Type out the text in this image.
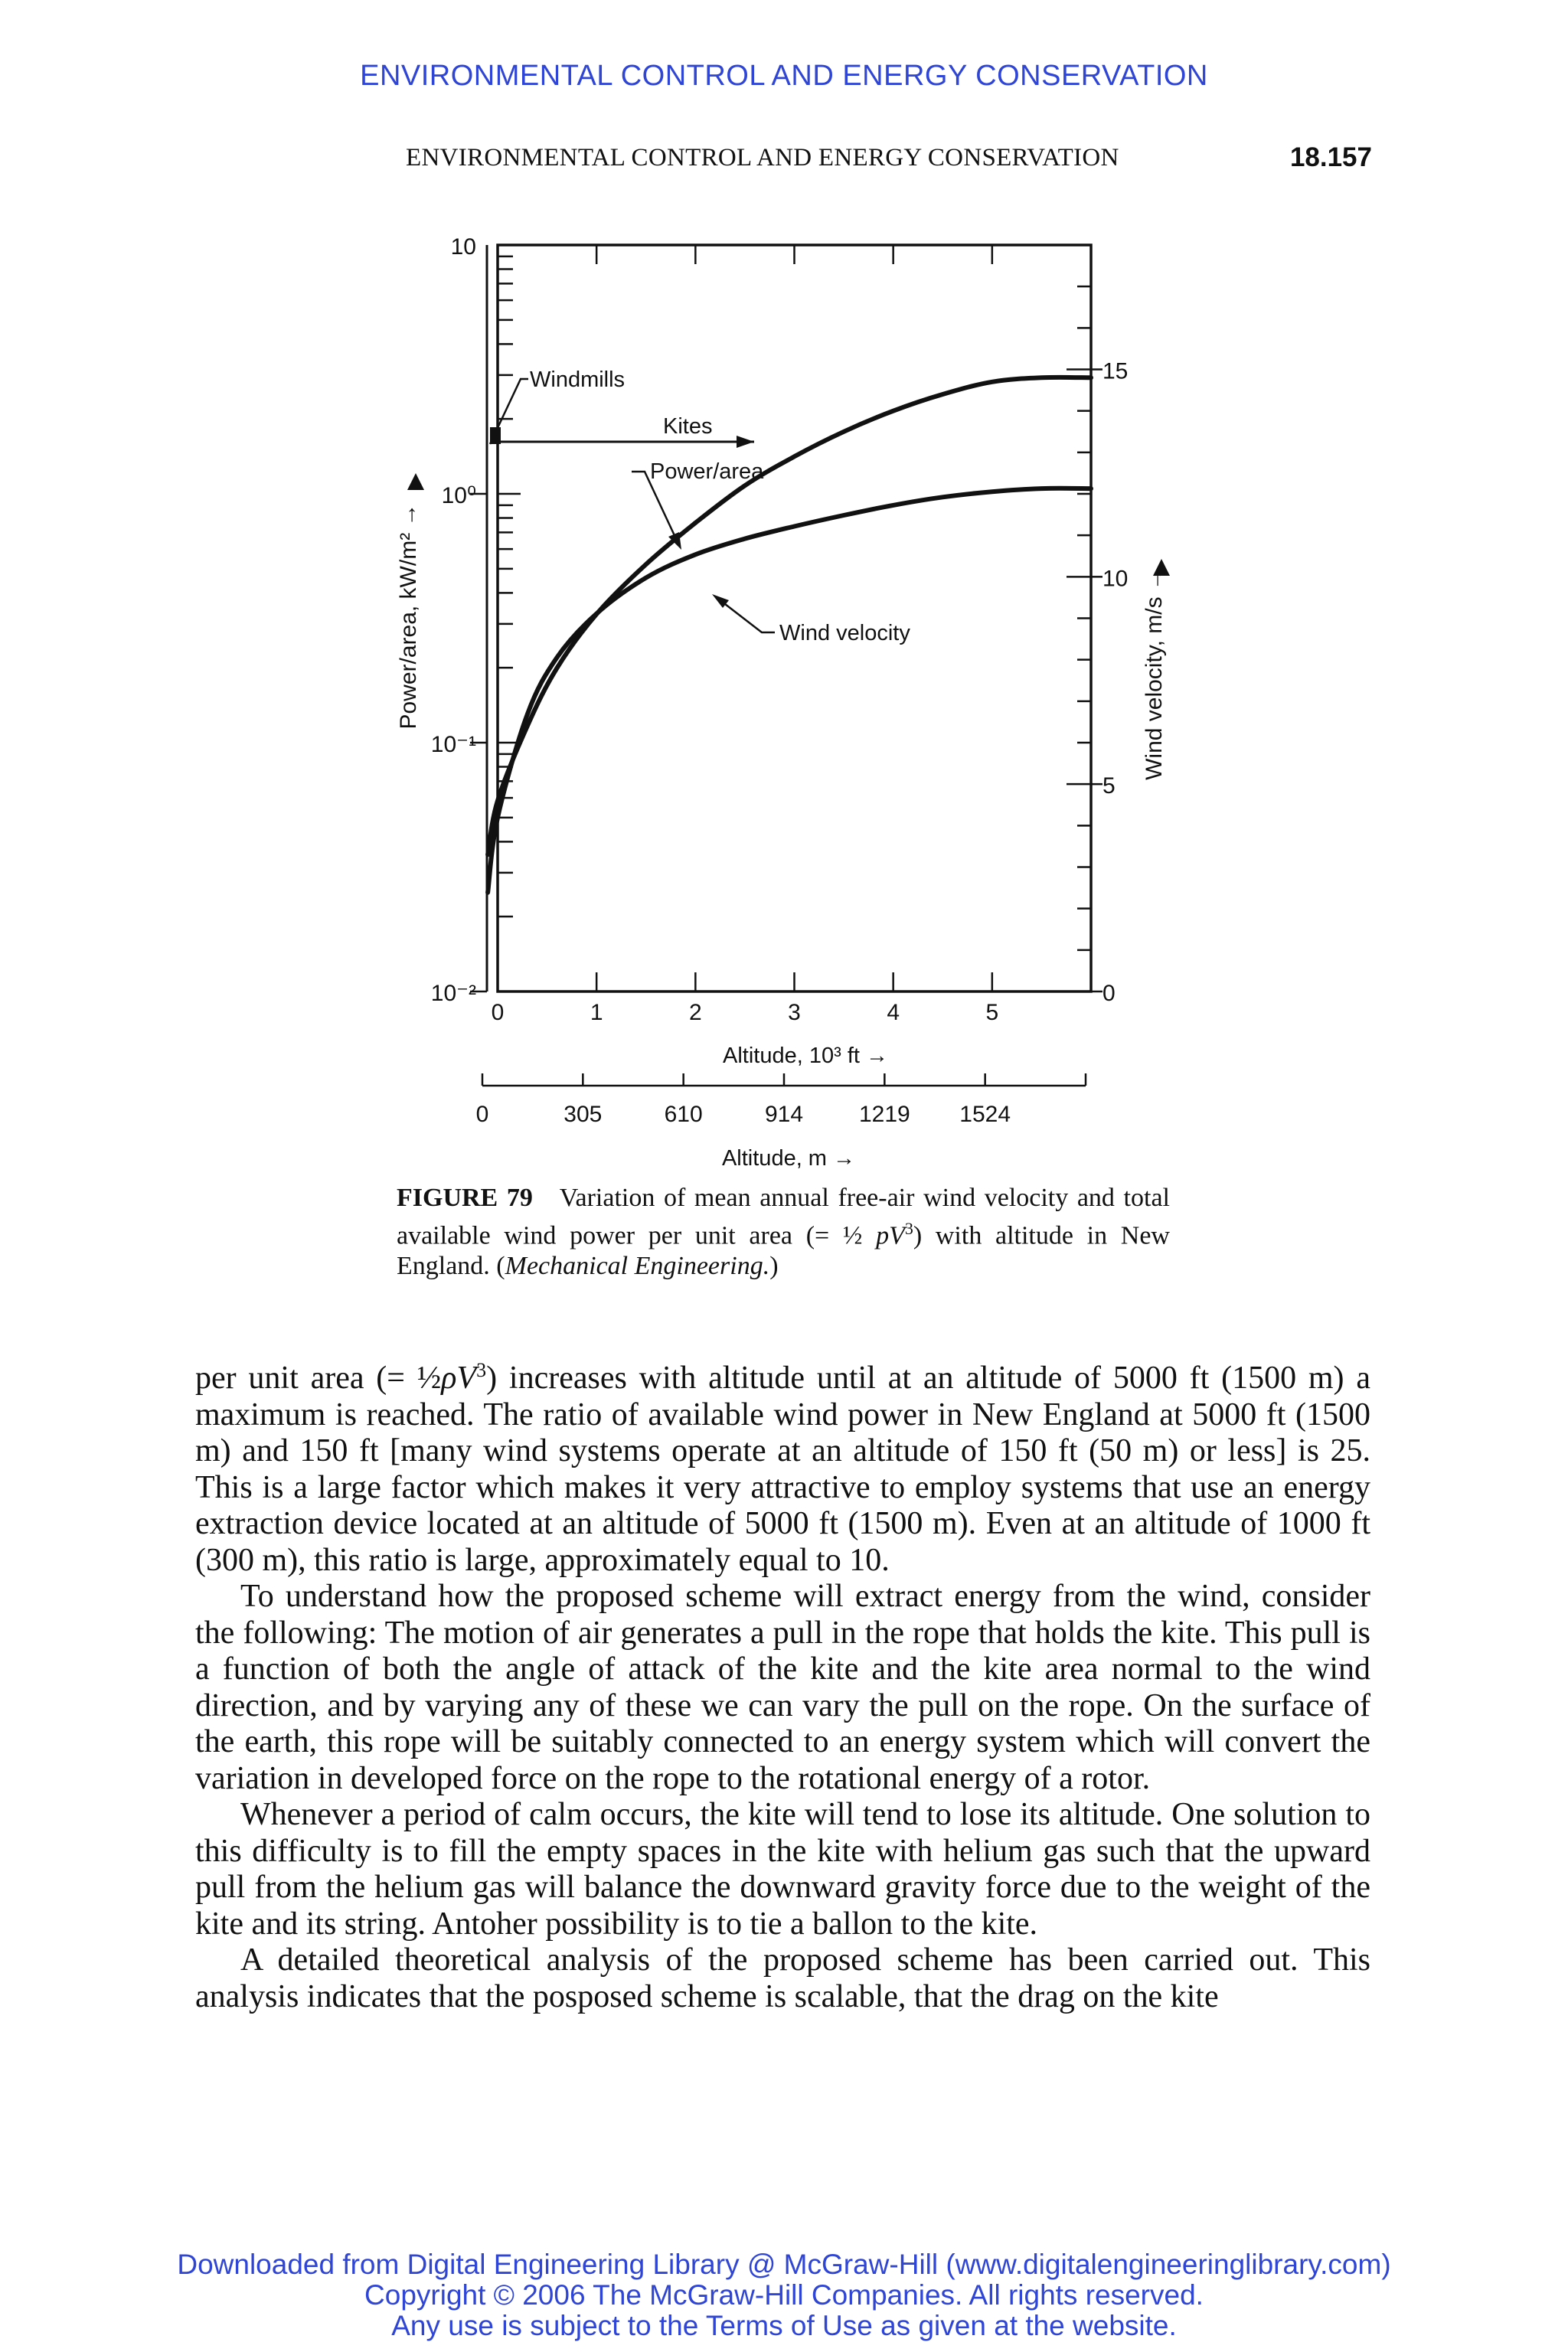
ENVIRONMENTAL CONTROL AND ENERGY CONSERVATION
ENVIRONMENTAL CONTROL AND ENERGY CONSERVATION	18.157
Windmills
Kites
Power/area
Wind velocity
10
10⁰
10⁻¹
10⁻²
15
10
5
0
0	1	2	3	4	5
Altitude, 10³ ft →
0	305	610	914 1219 1524
Altitude, m →
Power/area, kW/m² →	Wind velocity, m/s →
FIGURE 79 Variation of mean annual free-air wind velocity and total available wind power per unit area (= ½ $pV^3$) with altitude in New England. (Mechanical Engineering.)

per unit area (= $\frac{1}{2}\rho V^3$) increases with altitude until at an altitude of 5000 ft (1500 m) a maximum is reached. The ratio of available wind power in New England at 5000 ft (1500 m) and 150 ft [many wind systems operate at an altitude of 150 ft (50 m) or less] is 25. This is a large factor which makes it very attractive to employ systems that use an energy extraction device located at an altitude of 5000 ft (1500 m). Even at an altitude of 1000 ft (300 m), this ratio is large, approximately equal to 10.

To understand how the proposed scheme will extract energy from the wind, consider the following: The motion of air generates a pull in the rope that holds the kite. This pull is a function of both the angle of attack of the kite and the kite area normal to the wind direction, and by varying any of these we can vary the pull on the rope. On the surface of the earth, this rope will be suitably connected to an energy system which will convert the variation in developed force on the rope to the rotational energy of a rotor.

Whenever a period of calm occurs, the kite will tend to lose its altitude. One solution to this difficulty is to fill the empty spaces in the kite with helium gas such that the upward pull from the helium gas will balance the downward gravity force due to the weight of the kite and its string. Antoher possibility is to tie a ballon to the kite.

A detailed theoretical analysis of the proposed scheme has been carried out. This analysis indicates that the posposed scheme is scalable, that the drag on the kite

Downloaded from Digital Engineering Library @ McGraw-Hill (www.digitalengineeringlibrary.com)
Copyright © 2006 The McGraw-Hill Companies. All rights reserved.
Any use is subject to the Terms of Use as given at the website.
